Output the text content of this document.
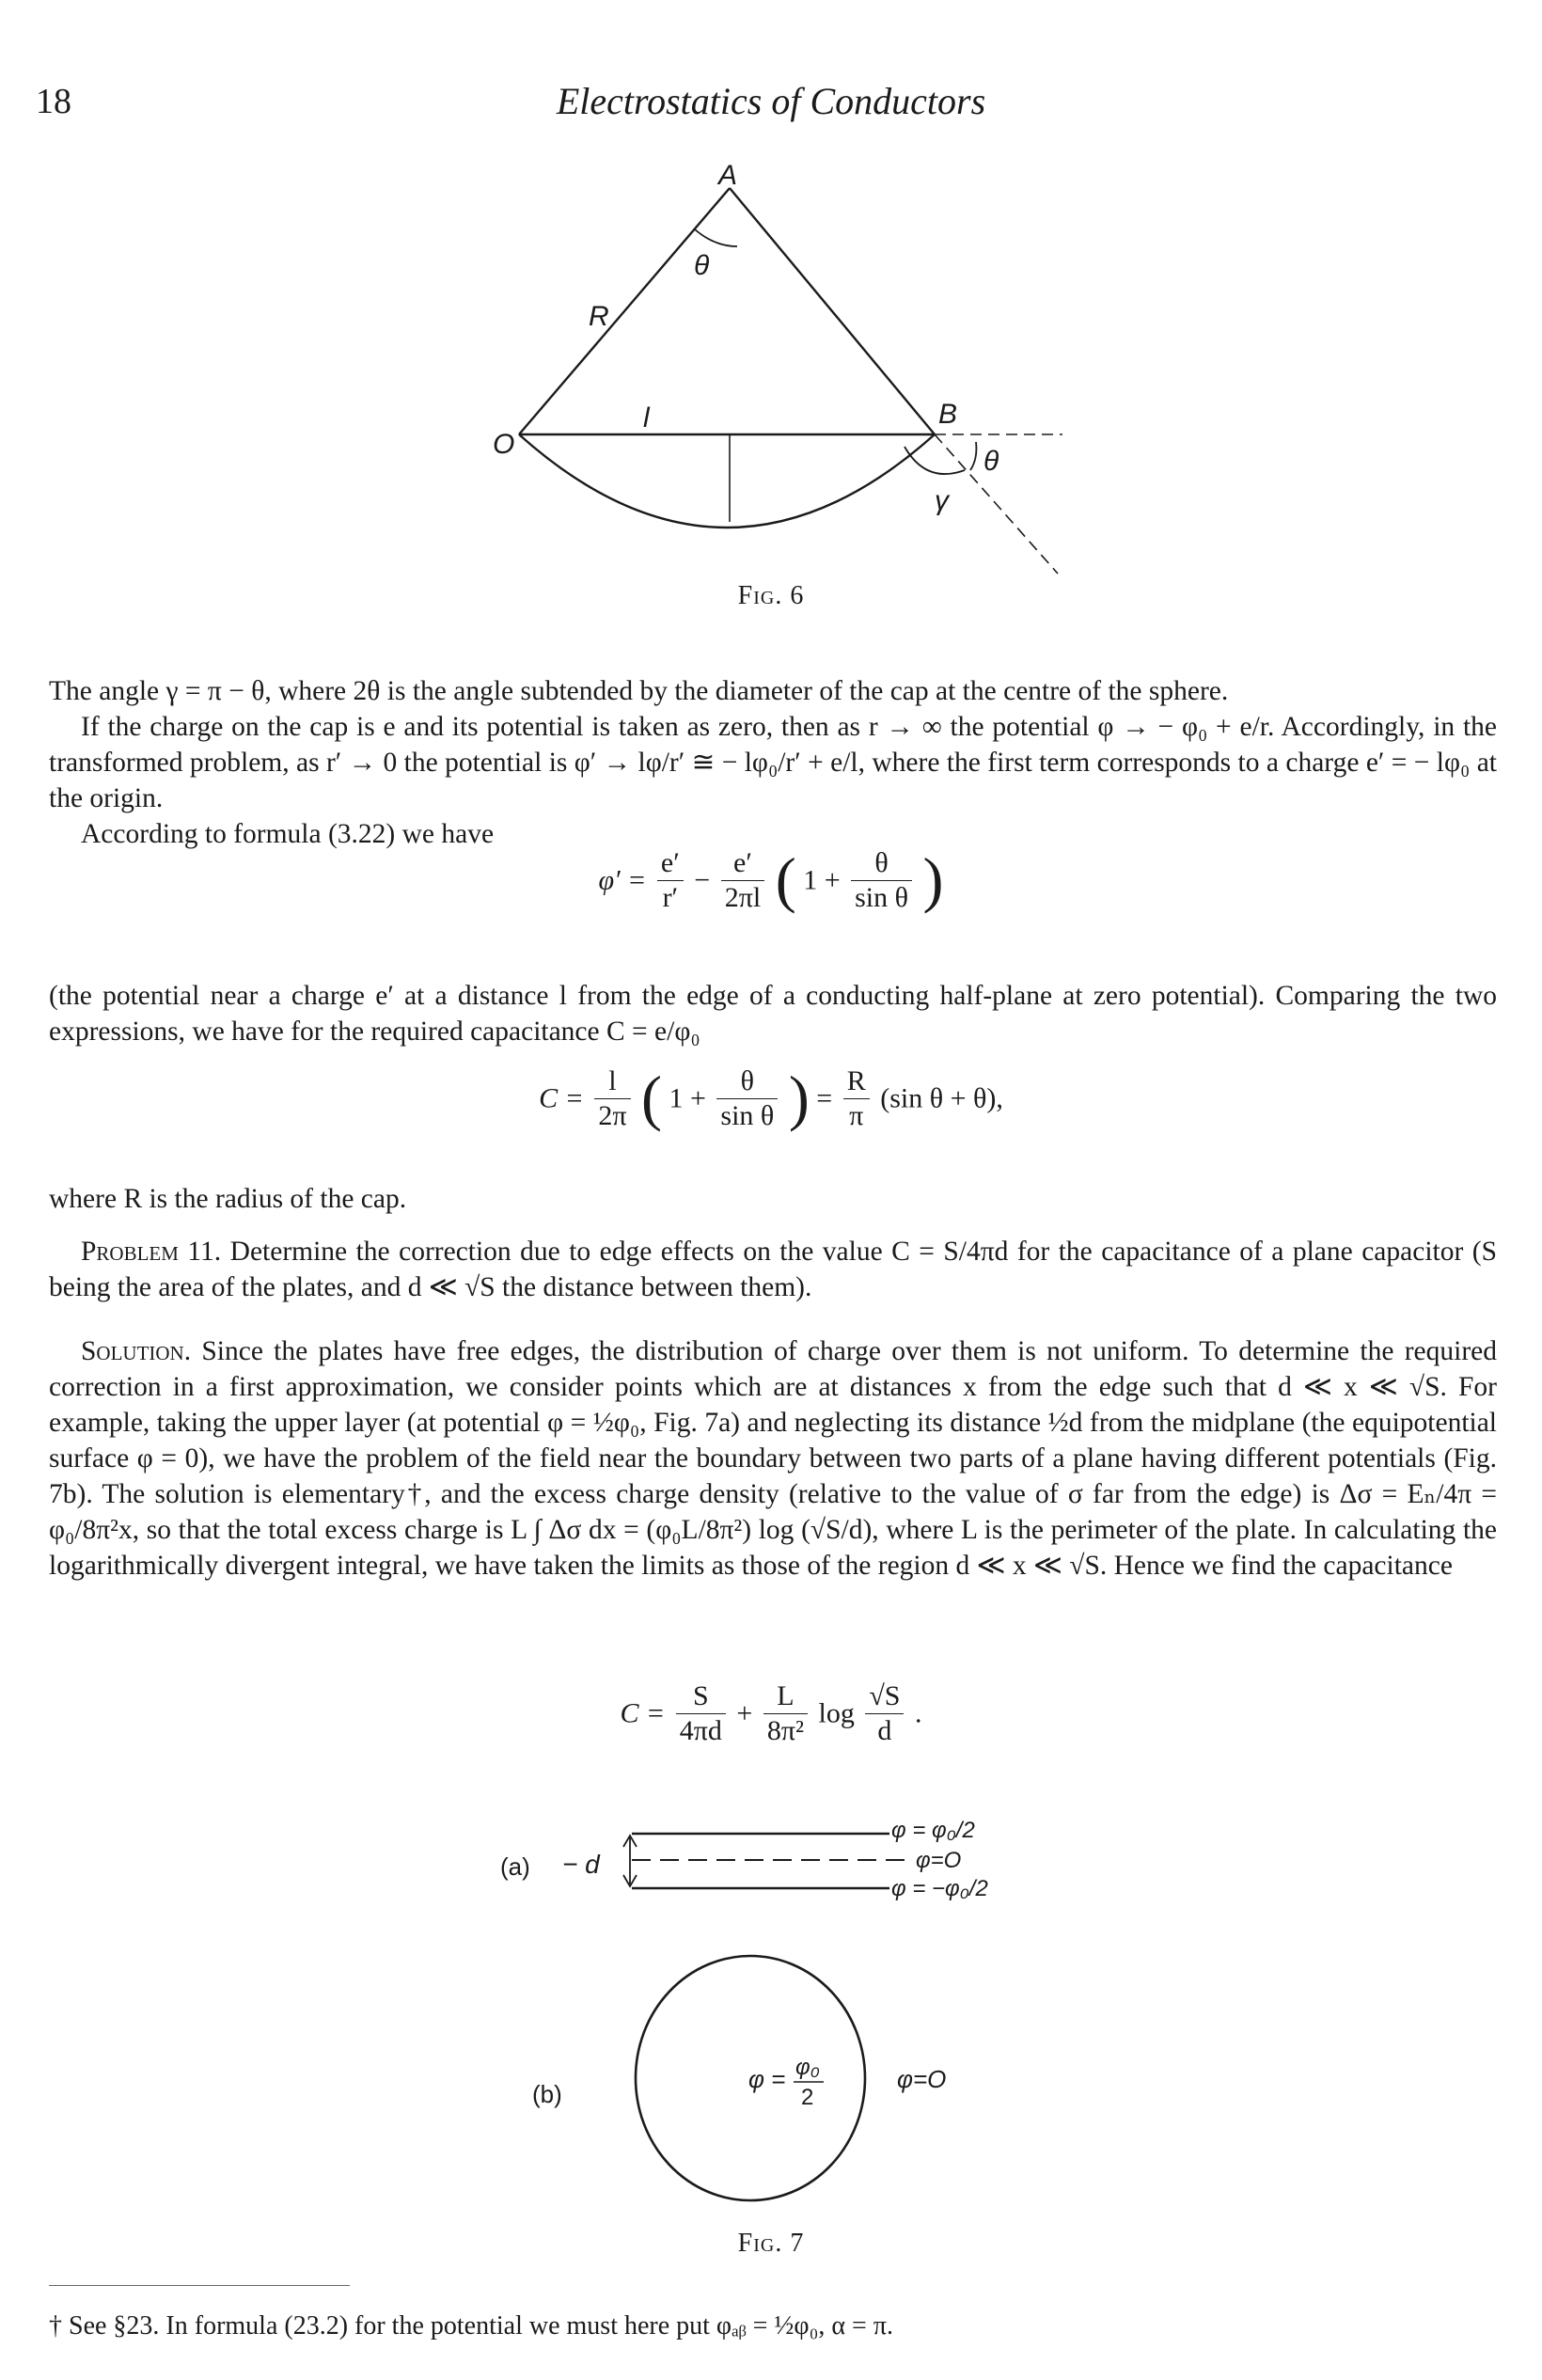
18	Electrostatics of Conductors
A
θ
R
l
O
B
θ
γ
Fig. 6

The angle γ = π − θ, where 2θ is the angle subtended by the diameter of the cap at the centre of the sphere.

If the charge on the cap is e and its potential is taken as zero, then as r → ∞ the potential φ → − φ₀ + e/r. Accordingly, in the transformed problem, as r′ → 0 the potential is φ′ → lφ/r′ ≅ − lφ₀/r′ + e/l, where the first term corresponds to a charge e′ = − lφ₀ at the origin.

According to formula (3.22) we have

$\varphi' = \frac{e'}{r'} - \frac{e'}{2\pi l}$ ( $1 + \frac{\theta}{\text{sin θ}}$ )
(the potential near a charge e′ at a distance l from the edge of a conducting half-plane at zero potential). Comparing the two expressions, we have for the required capacitance C = e/φ₀
$C = \frac{l}{2\pi}$ ( $1 + \frac{\theta}{\text{sin θ}}$ ) = $\frac{R}{\pi} (\sin$ θ + θ),
where R is the radius of the cap.

Problem 11. Determine the correction due to edge effects on the value C = S/4πd for the capacitance of a plane capacitor (S being the area of the plates, and d ≪ √S the distance between them).

Solution. Since the plates have free edges, the distribution of charge over them is not uniform. To determine the required correction in a first approximation, we consider points which are at distances x from the edge such that d ≪ x ≪ √S. For example, taking the upper layer (at potential φ = ½φ₀, Fig. 7a) and neglecting its distance ½d from the midplane (the equipotential surface φ = 0), we have the problem of the field near the boundary between two parts of a plane having different potentials (Fig. 7b). The solution is elementary†, and the excess charge density (relative to the value of σ far from the edge) is Δσ = Eₙ/4π = φ₀/8π²x, so that the total excess charge is L ∫ Δσ dx = (φ₀L/8π²) log (√S/d), where L is the perimeter of the plate. In calculating the logarithmically divergent integral, we have taken the limits as those of the region d ≪ x ≪ √S. Hence we find the capacitance

$C = \frac{S}{4\pi d} + \frac{L}{\text{8π²}}$ $\log \frac{√S}{d}$ .
(a) − d
φ = φ₀/2
φ=O
φ = −φ₀/2
(b)
φ = φ₀
2
φ=O
Fig. 7
† See §23. In formula (23.2) for the potential we must here put φₐᵦ = ½φ₀, α = π.
